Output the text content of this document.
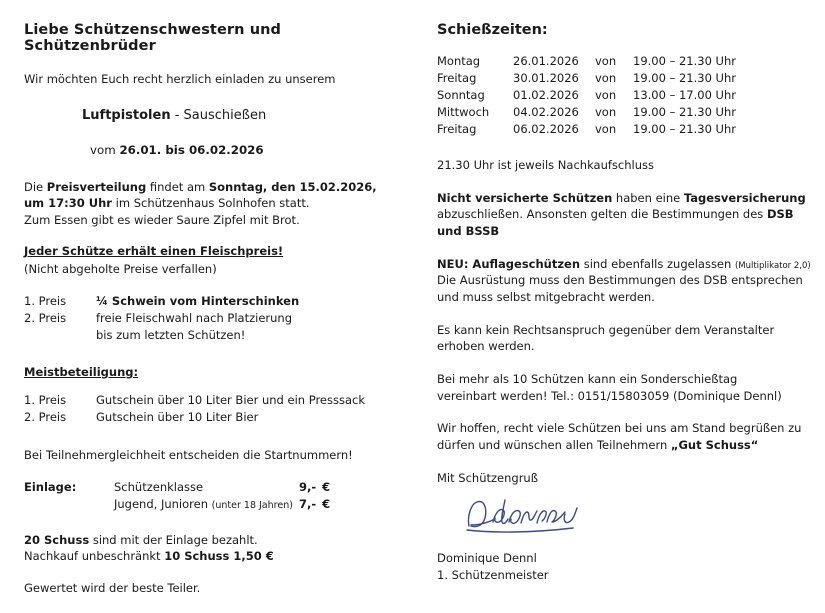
Liebe Schützenschwestern und Schützenbrüder

Wir möchten Euch recht herzlich einladen zu unserem

Luftpistolen - Sauschießen

vom 26.01. bis 06.02.2026

Die Preisverteilung findet am Sonntag, den 15.02.2026,
um 17:30 Uhr im Schützenhaus Solnhofen statt.
Zum Essen gibt es wieder Saure Zipfel mit Brot.

Jeder Schütze erhält einen Fleischpreis!

(Nicht abgeholte Preise verfallen)

1. Preis	¼ Schwein vom Hinterschinken
2. Preis	freie Fleischwahl nach Platzierung
	bis zum letzten Schützen!

Meistbeteiligung:

1. Preis	Gutschein über 10 Liter Bier und ein Presssack
2. Preis	Gutschein über 10 Liter Bier

Bei Teilnehmergleichheit entscheiden die Startnummern!

Einlage:	Schützenklasse	9,-	€
	Jugend, Junioren (unter 18 Jahren)	7,-	€

20 Schuss sind mit der Einlage bezahlt.
Nachkauf unbeschränkt 10 Schuss 1,50 €

Gewertet wird der beste Teiler.

Schießzeiten:
Montag	26.01.2026	von	19.00 – 21.30 Uhr
Freitag	30.01.2026	von	19.00 – 21.30 Uhr
Sonntag	01.02.2026	von	13.00 – 17.00 Uhr
Mittwoch	04.02.2026	von	19.00 – 21.30 Uhr
Freitag	06.02.2026	von	19.00 – 21.30 Uhr

21.30 Uhr ist jeweils Nachkaufschluss

Nicht versicherte Schützen haben eine Tagesversicherung
abzuschließen. Ansonsten gelten die Bestimmungen des DSB
und BSSB

NEU: Auflageschützen sind ebenfalls zugelassen (Multiplikator 2,0)
Die Ausrüstung muss den Bestimmungen des DSB entsprechen
und muss selbst mitgebracht werden.

Es kann kein Rechtsanspruch gegenüber dem Veranstalter
erhoben werden.

Bei mehr als 10 Schützen kann ein Sonderschießtag
vereinbart werden! Tel.: 0151/15803059 (Dominique Dennl)

Wir hoffen, recht viele Schützen bei uns am Stand begrüßen zu
dürfen und wünschen allen Teilnehmern „Gut Schuss“

Mit Schützengruß

Dominique Dennl
1. Schützenmeister
